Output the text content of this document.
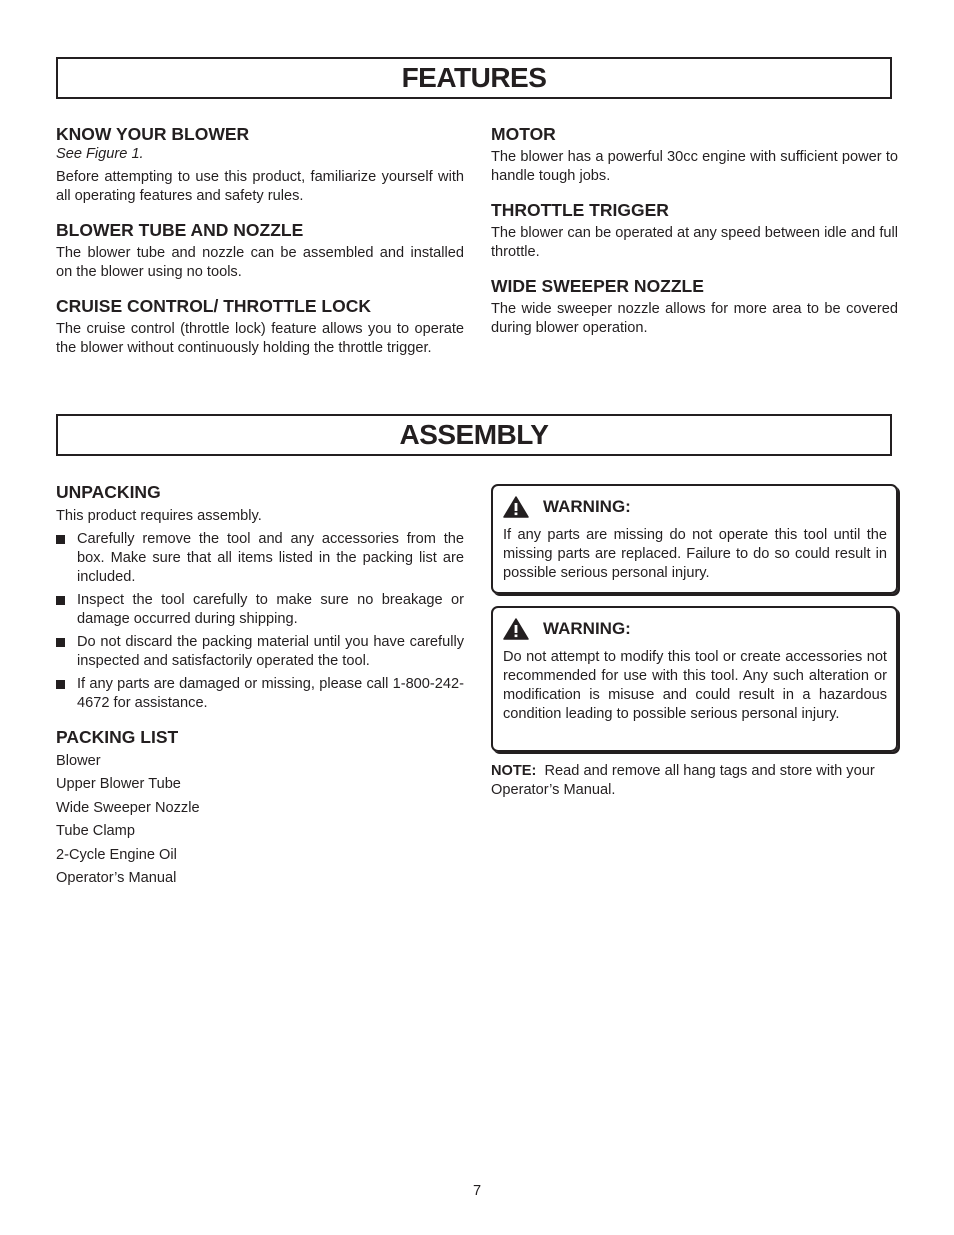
FEATURES
KNOW YOUR BLOWER

See Figure 1.

Before attempting to use this product, familiarize yourself with all operating features and safety rules.

BLOWER TUBE AND NOZZLE

The blower tube and nozzle can be assembled and installed on the blower using no tools.

CRUISE CONTROL/ THROTTLE LOCK

The cruise control (throttle lock) feature allows you to operate the blower without continuously holding the throttle trigger.

MOTOR

The blower has a powerful 30cc engine with sufficient power to handle tough jobs.

THROTTLE TRIGGER

The blower can be operated at any speed between idle and full throttle.

WIDE SWEEPER NOZZLE

The wide sweeper nozzle allows for more area to be covered during blower operation.

ASSEMBLY
UNPACKING

This product requires assembly.

Carefully remove the tool and any accessories from the box. Make sure that all items listed in the packing list are included.
Inspect the tool carefully to make sure no breakage or damage occurred during shipping.
Do not discard the packing material until you have carefully inspected and satisfactorily operated the tool.
If any parts are damaged or missing, please call 1-800-242-4672 for assistance.
PACKING LIST
Blower
Upper Blower Tube
Wide Sweeper Nozzle
Tube Clamp
2-Cycle Engine Oil
Operator’s Manual
WARNING:

If any parts are missing do not operate this tool until the missing parts are replaced. Failure to do so could result in possible serious personal injury.

WARNING:

Do not attempt to modify this tool or create accessories not recommended for use with this tool. Any such alteration or modification is misuse and could result in a hazardous condition leading to possible serious personal injury.

NOTE: Read and remove all hang tags and store with your Operator’s Manual.

7
